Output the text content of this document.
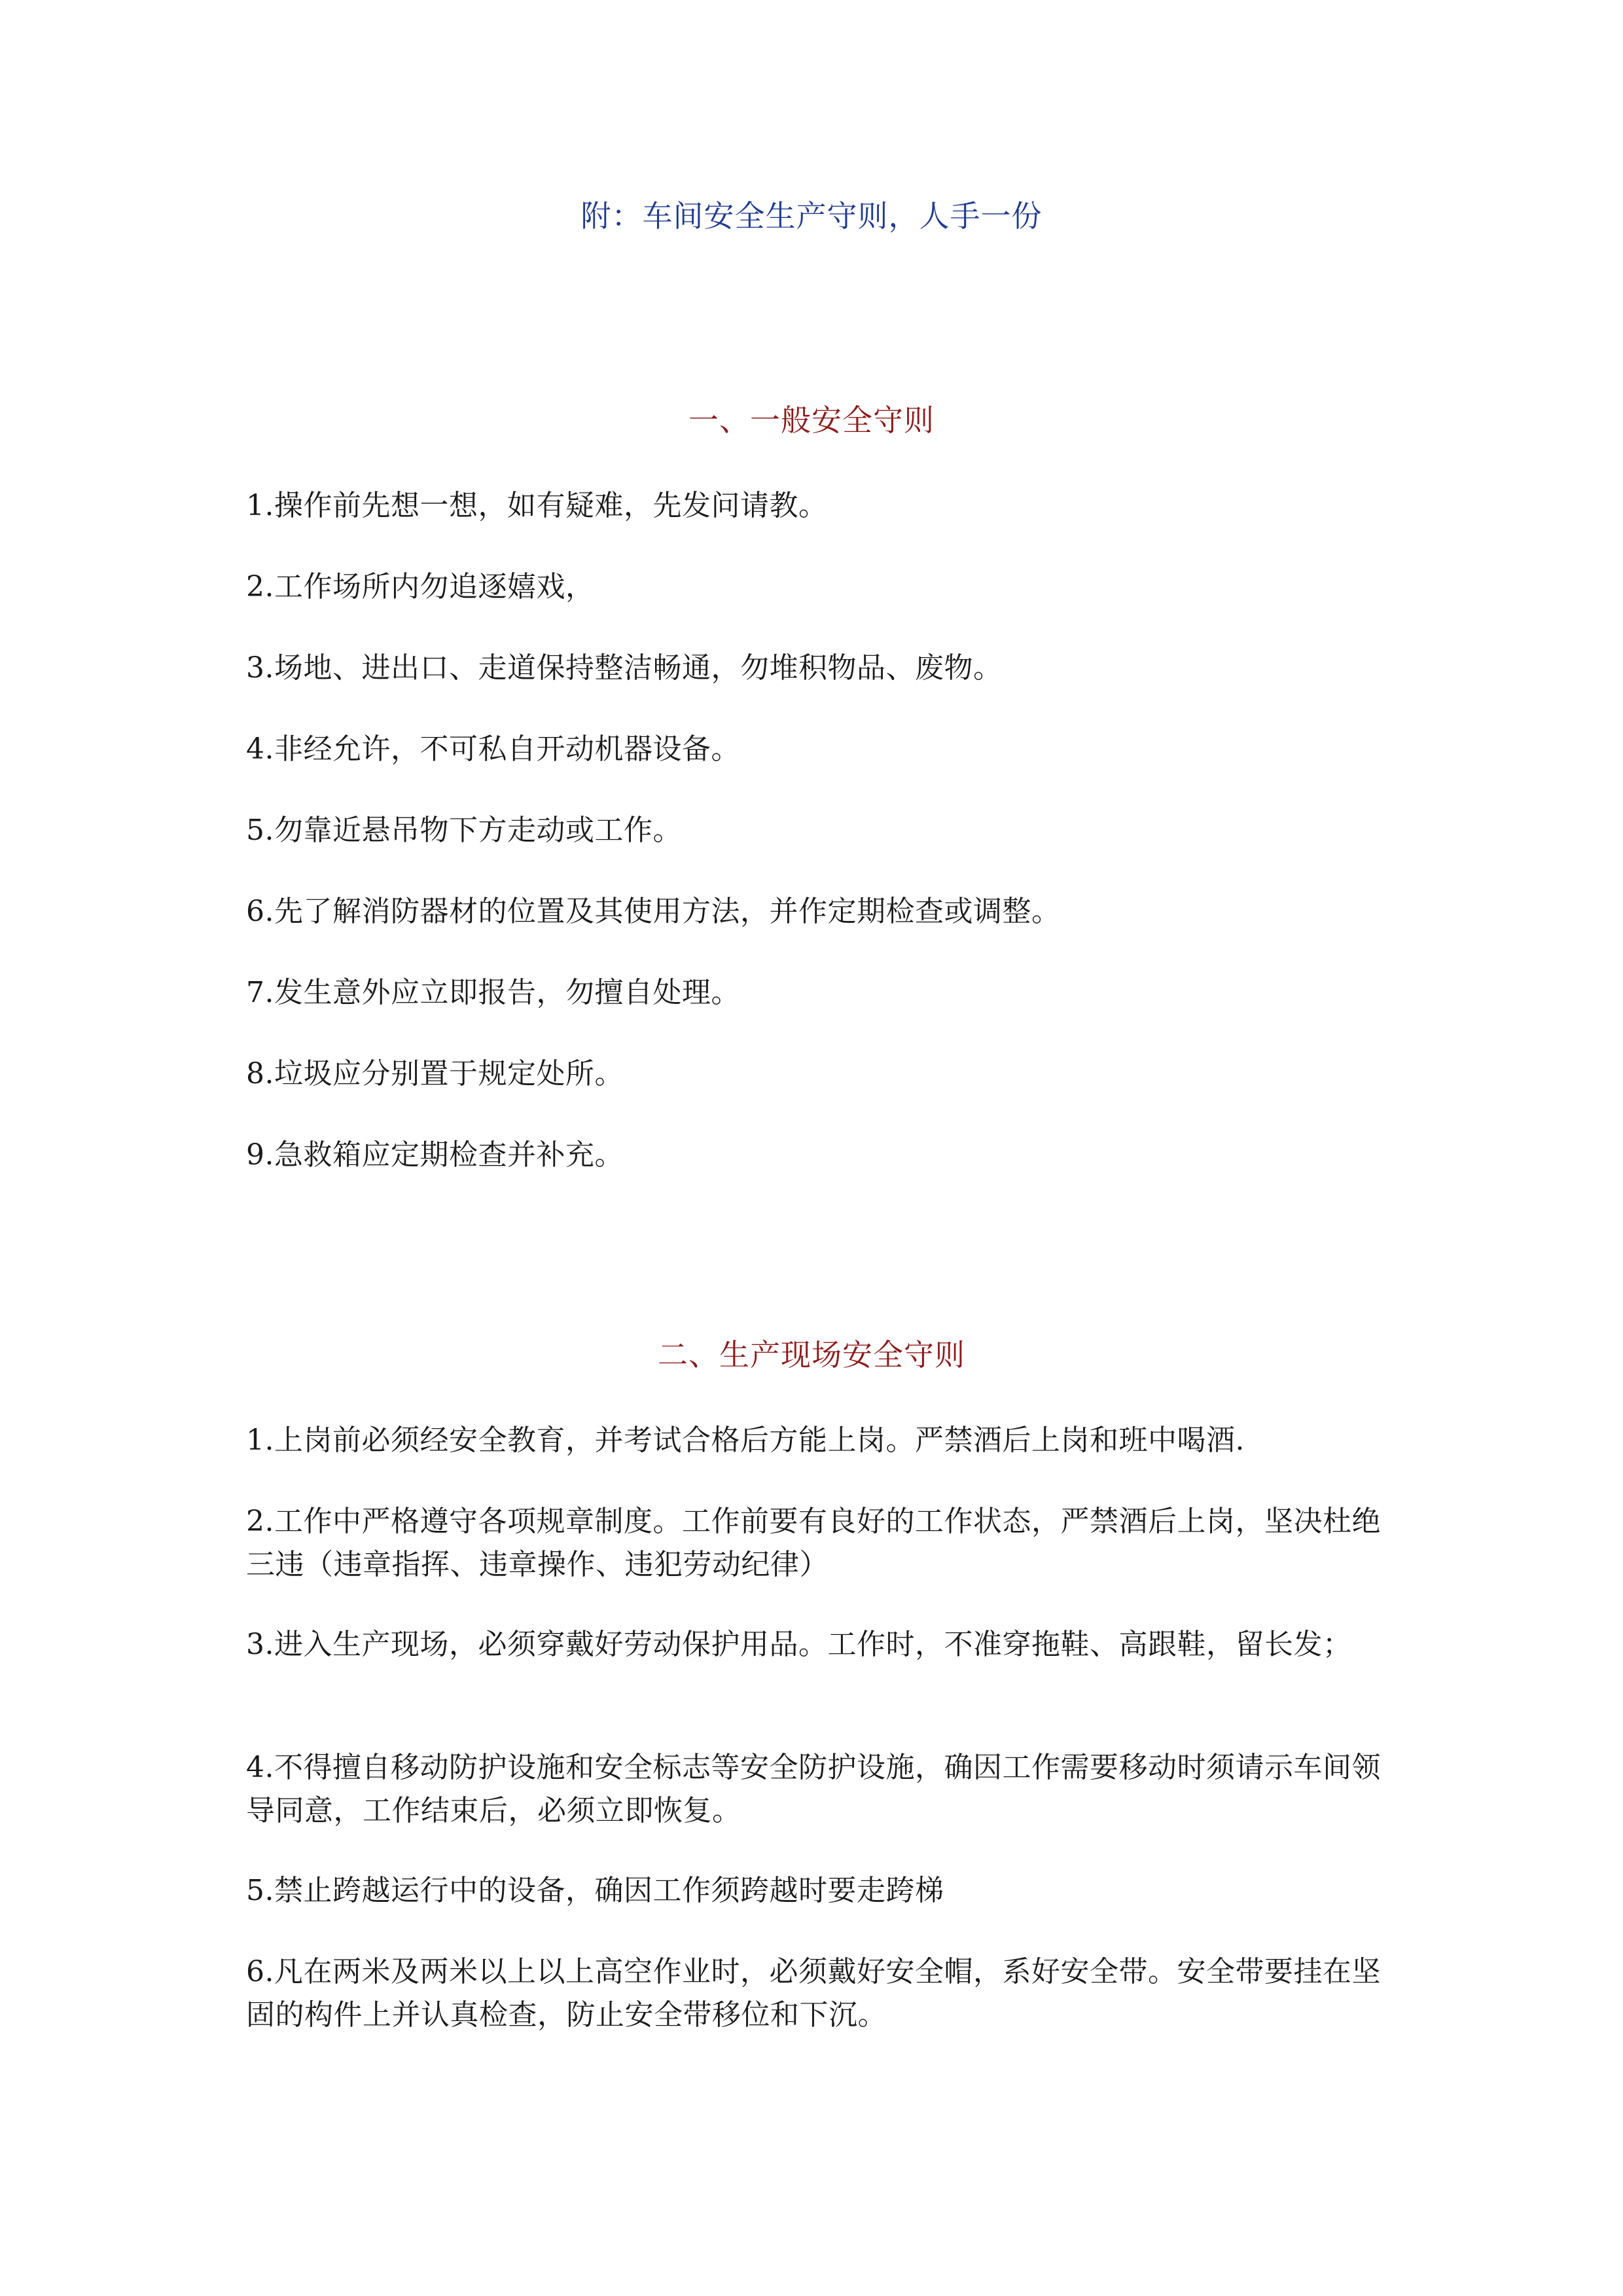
附：车间安全生产守则，人手一份
一、一般安全守则
1.操作前先想一想，如有疑难，先发问请教。
2.工作场所内勿追逐嬉戏，
3.场地、进出口、走道保持整洁畅通，勿堆积物品、废物。
4.非经允许，不可私自开动机器设备。
5.勿靠近悬吊物下方走动或工作。
6.先了解消防器材的位置及其使用方法，并作定期检查或调整。
7.发生意外应立即报告，勿擅自处理。
8.垃圾应分别置于规定处所。
9.急救箱应定期检查并补充。
二、生产现场安全守则
1.上岗前必须经安全教育，并考试合格后方能上岗。严禁酒后上岗和班中喝酒.
2.工作中严格遵守各项规章制度。工作前要有良好的工作状态，严禁酒后上岗，坚决杜绝三违（违章指挥、违章操作、违犯劳动纪律）
3.进入生产现场，必须穿戴好劳动保护用品。工作时，不准穿拖鞋、高跟鞋，留长发；
4.不得擅自移动防护设施和安全标志等安全防护设施，确因工作需要移动时须请示车间领导同意，工作结束后，必须立即恢复。
5.禁止跨越运行中的设备，确因工作须跨越时要走跨梯
6.凡在两米及两米以上以上高空作业时，必须戴好安全帽，系好安全带。安全带要挂在坚固的构件上并认真检查，防止安全带移位和下沉。
